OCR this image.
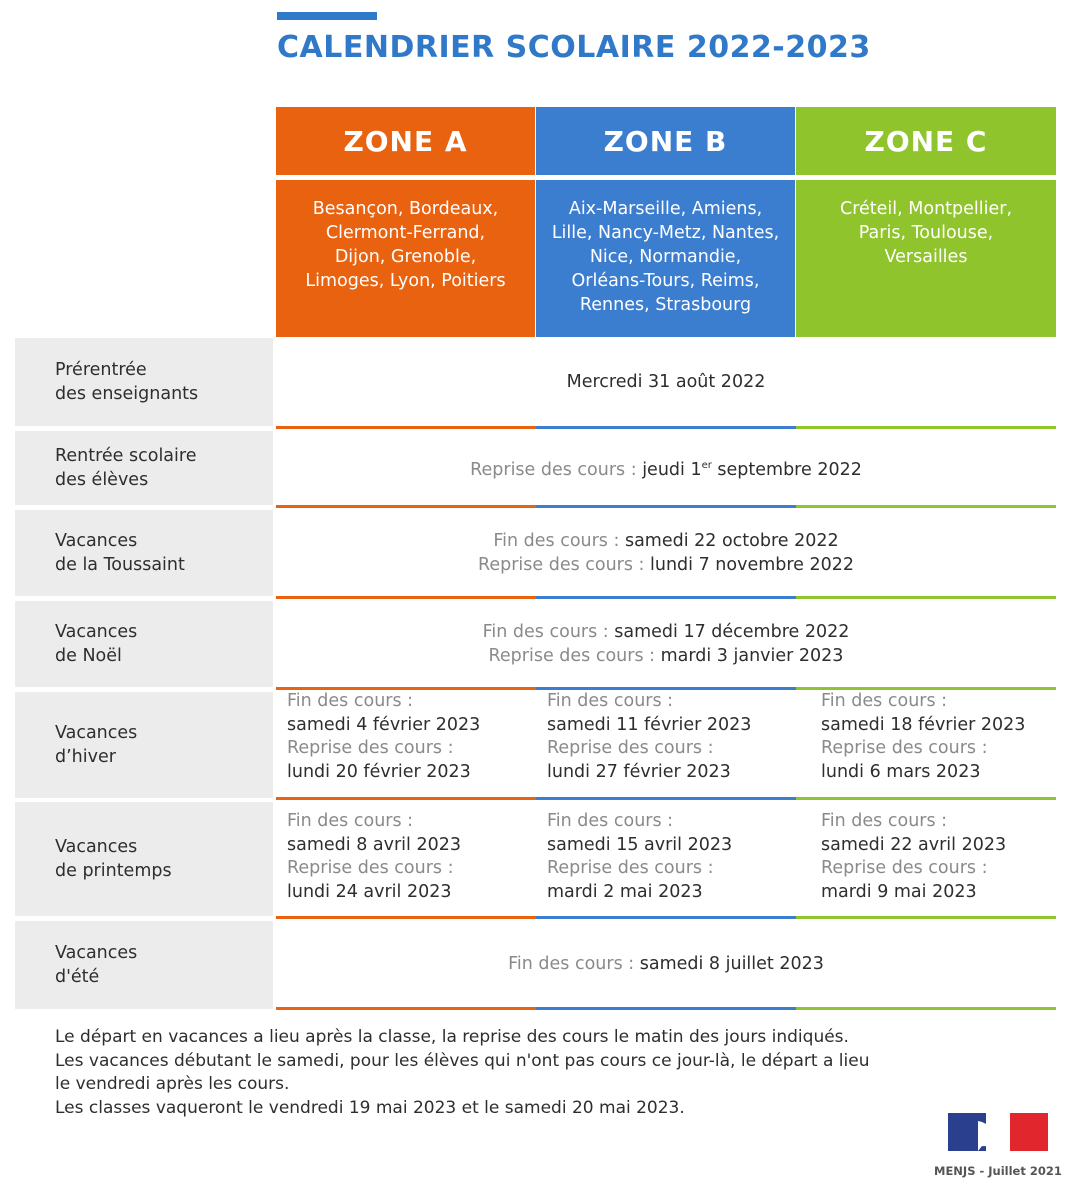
CALENDRIER SCOLAIRE 2022-2023
ZONE A	ZONE B	ZONE C
Besançon, Bordeaux,
Clermont-Ferrand,
Dijon, Grenoble,
Limoges, Lyon, Poitiers
Aix-Marseille, Amiens,
Lille, Nancy-Metz, Nantes,
Nice, Normandie,
Orléans-Tours, Reims,
Rennes, Strasbourg
Créteil, Montpellier,
Paris, Toulouse,
Versailles
Prérentrée
des enseignants
Mercredi 31 août 2022
Rentrée scolaire
des élèves
Reprise des cours : jeudi 1er septembre 2022
Vacances
de la Toussaint
Fin des cours : samedi 22 octobre 2022
Reprise des cours : lundi 7 novembre 2022
Vacances
de Noël
Fin des cours : samedi 17 décembre 2022
Reprise des cours : mardi 3 janvier 2023
Vacances
d’hiver
Fin des cours :
samedi 4 février 2023
Reprise des cours :
lundi 20 février 2023
Fin des cours :
samedi 11 février 2023
Reprise des cours :
lundi 27 février 2023
Fin des cours :
samedi 18 février 2023
Reprise des cours :
lundi 6 mars 2023
Vacances
de printemps
Fin des cours :
samedi 8 avril 2023
Reprise des cours :
lundi 24 avril 2023
Fin des cours :
samedi 15 avril 2023
Reprise des cours :
mardi 2 mai 2023
Fin des cours :
samedi 22 avril 2023
Reprise des cours :
mardi 9 mai 2023
Vacances
d'été
Fin des cours : samedi 8 juillet 2023
Le départ en vacances a lieu après la classe, la reprise des cours le matin des jours indiqués.
Les vacances débutant le samedi, pour les élèves qui n'ont pas cours ce jour-là, le départ a lieu
le vendredi après les cours.
Les classes vaqueront le vendredi 19 mai 2023 et le samedi 20 mai 2023.
MENJS - Juillet 2021
